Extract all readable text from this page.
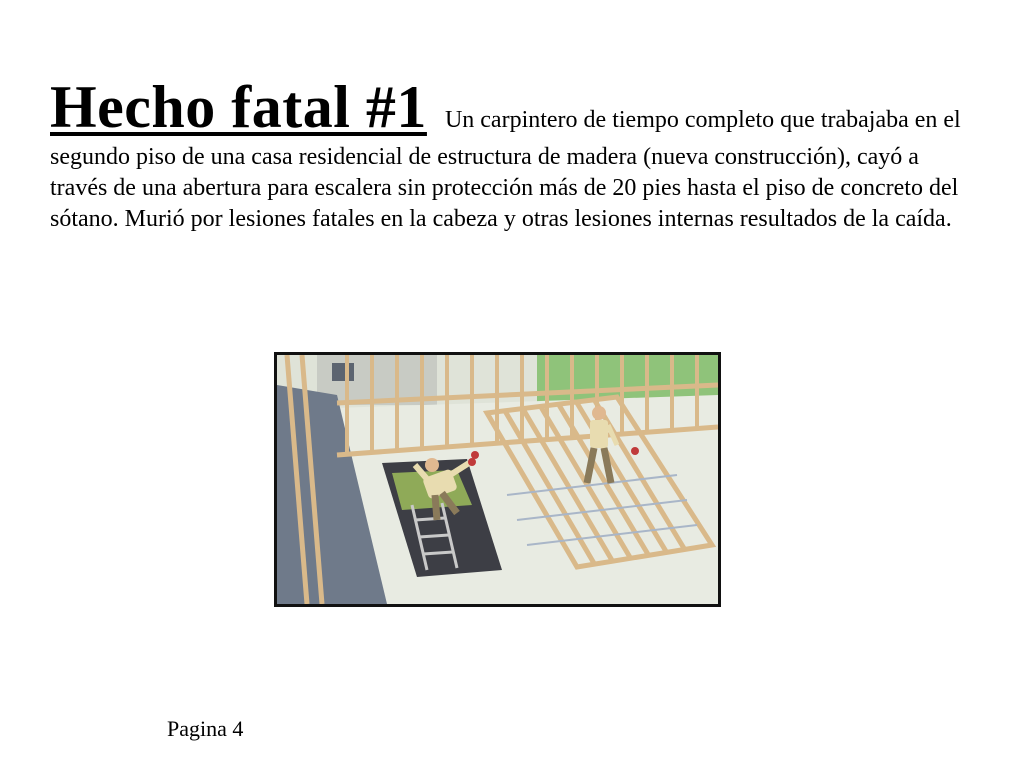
Hecho fatal #1 Un carpintero de tiempo completo que trabajaba en el segundo piso de una casa residencial de estructura de madera (nueva construcción), cayó a través de una abertura para escalera sin protección más de 20 pies hasta el piso de concreto del sótano. Murió por lesiones fatales en la cabeza y otras lesiones internas resultados de la caída.

Pagina 4
